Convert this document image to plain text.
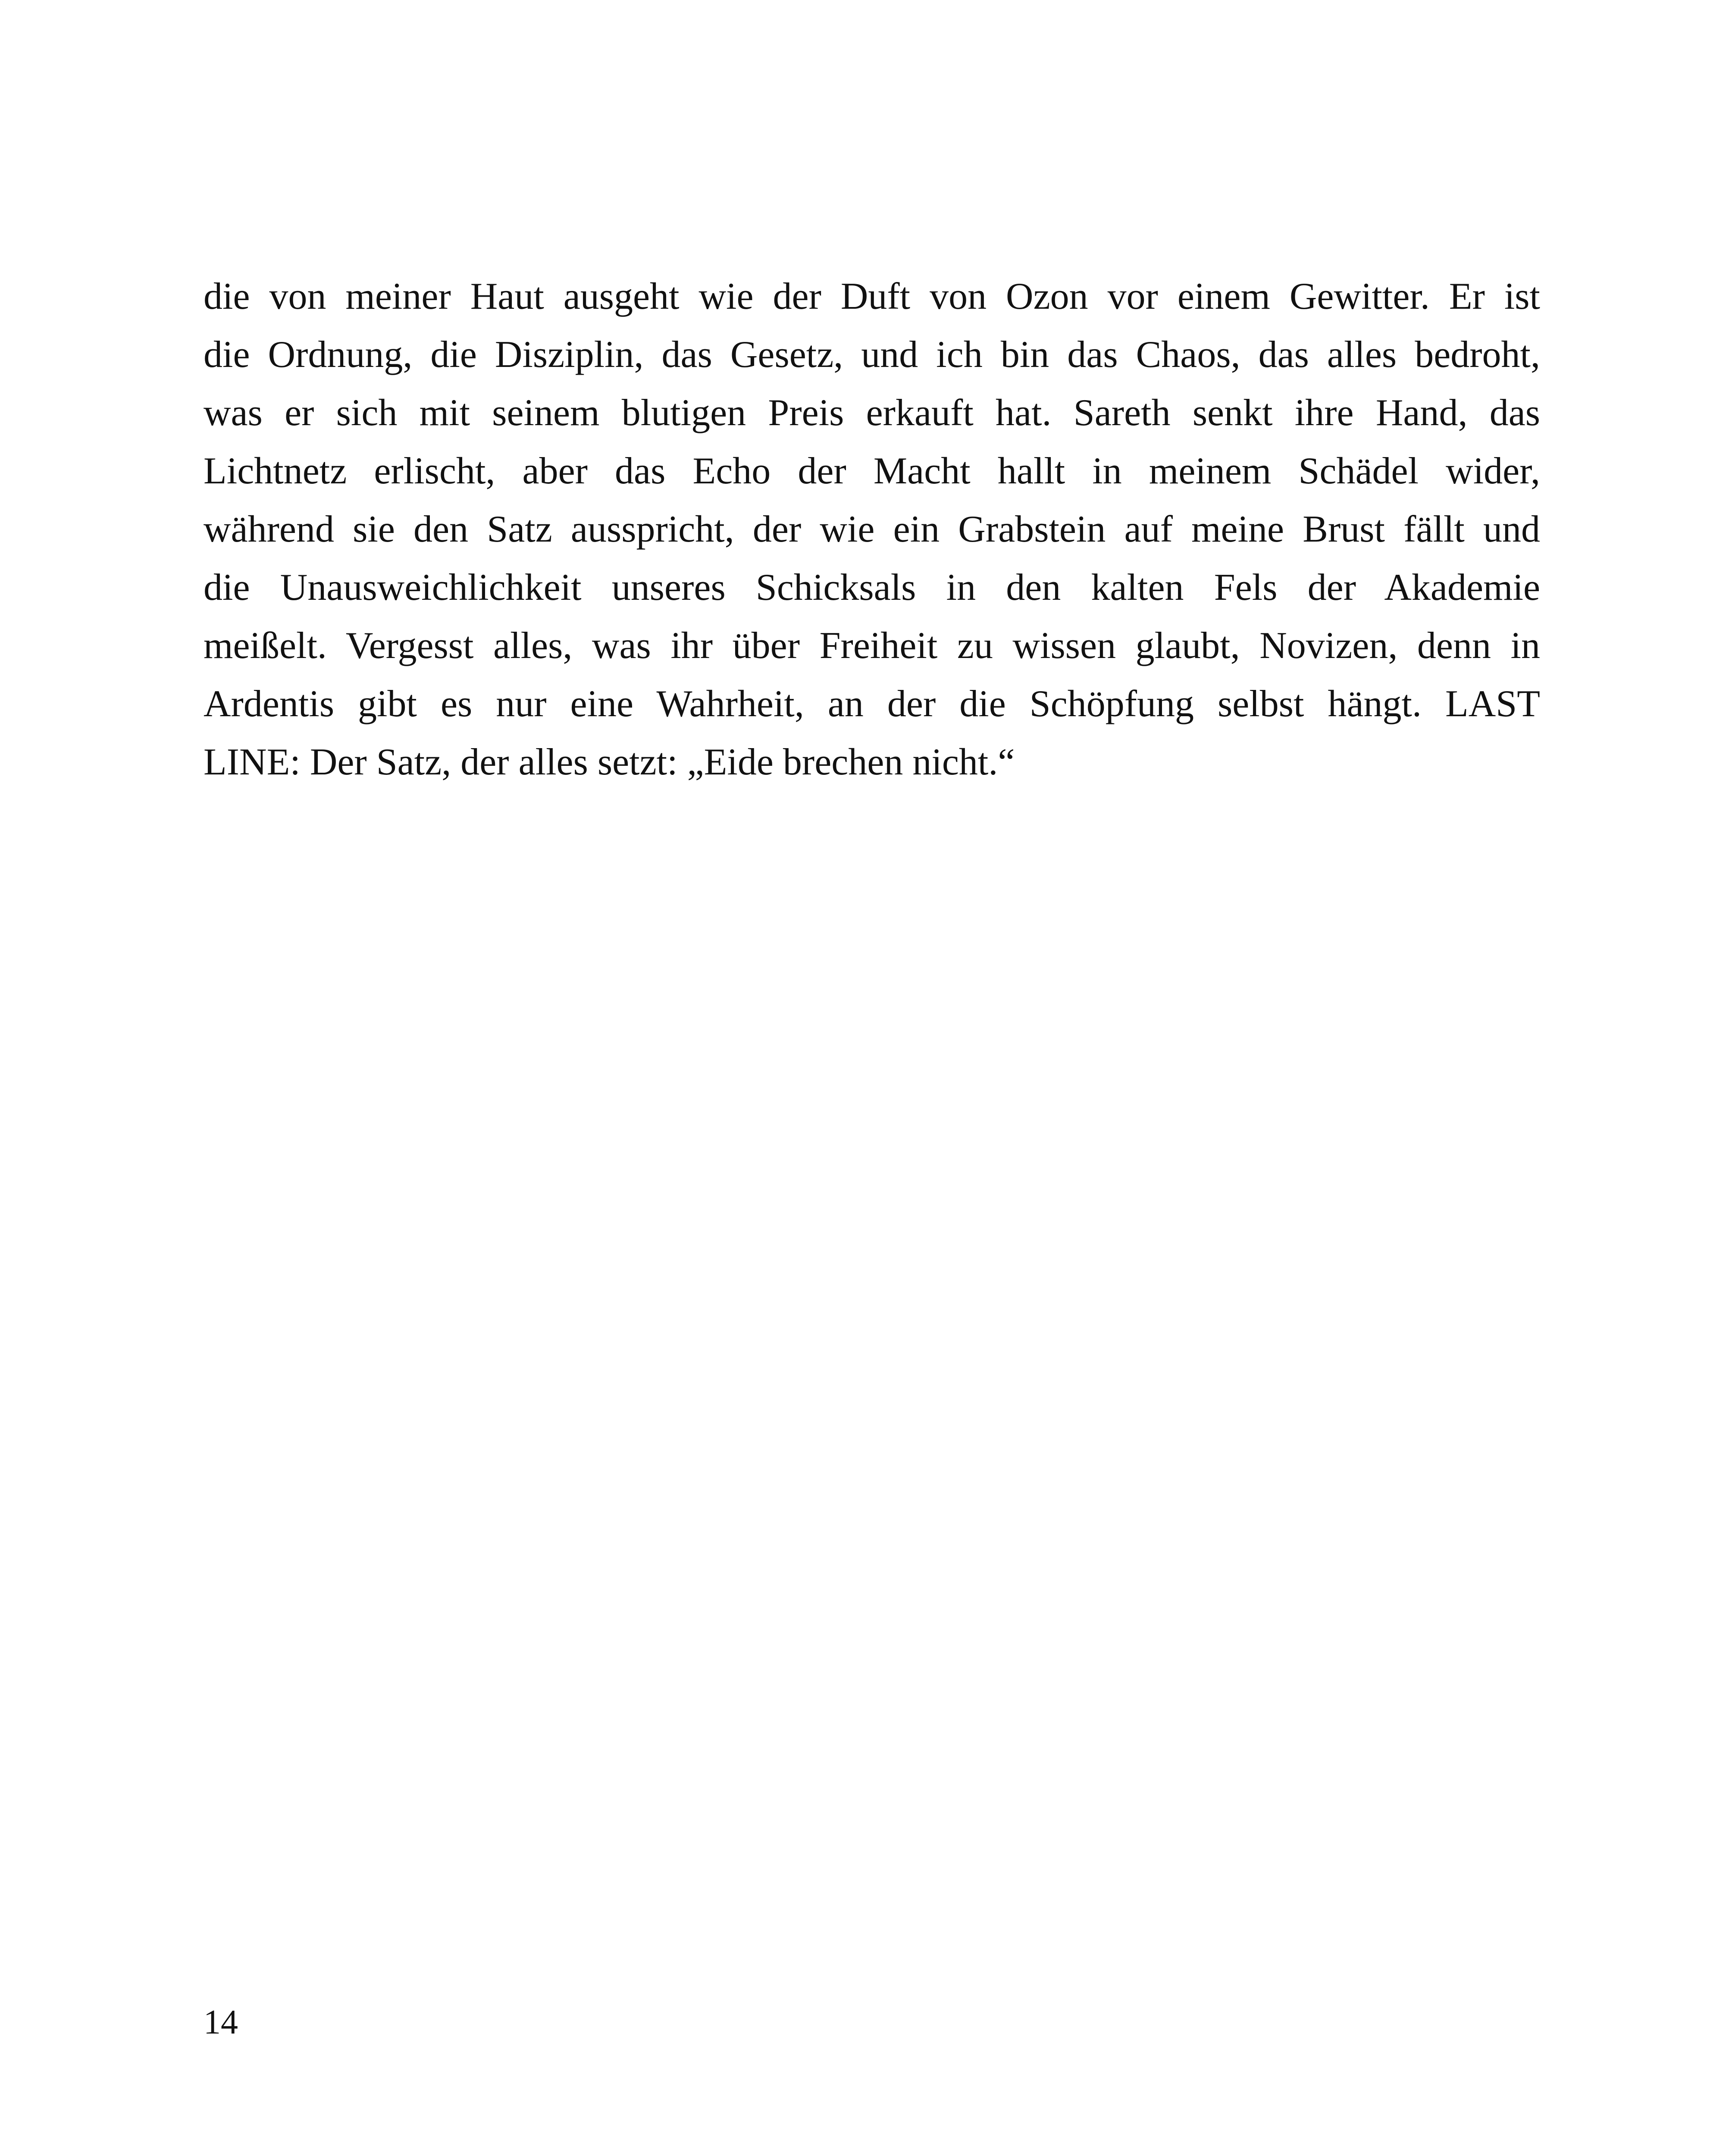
die von meiner Haut ausgeht wie der Duft von Ozon vor einem Gewitter. Er ist
die Ordnung, die Disziplin, das Gesetz, und ich bin das Chaos, das alles bedroht,
was er sich mit seinem blutigen Preis erkauft hat. Sareth senkt ihre Hand, das
Lichtnetz erlischt, aber das Echo der Macht hallt in meinem Schädel wider,
während sie den Satz ausspricht, der wie ein Grabstein auf meine Brust fällt und
die Unausweichlichkeit unseres Schicksals in den kalten Fels der Akademie
meißelt. Vergesst alles, was ihr über Freiheit zu wissen glaubt, Novizen, denn in
Ardentis gibt es nur eine Wahrheit, an der die Schöpfung selbst hängt. LAST
LINE: Der Satz, der alles setzt: „Eide brechen nicht.“
14
